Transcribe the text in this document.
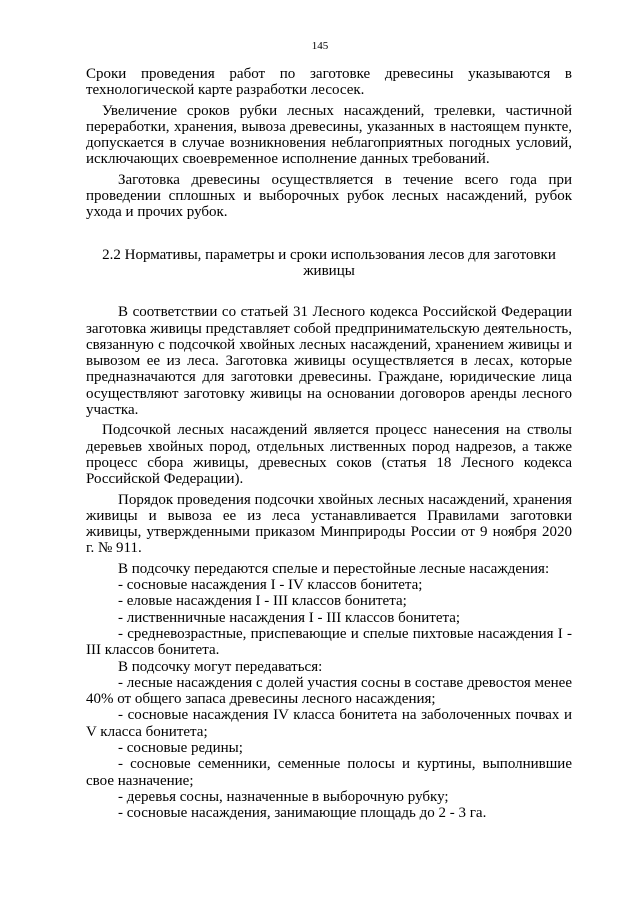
145

Сроки проведения работ по заготовке древесины указываются в технологической карте разработки лесосек.

Увеличение сроков рубки лесных насаждений, трелевки, частичной переработки, хранения, вывоза древесины, указанных в настоящем пункте, допускается в случае возникновения неблагоприятных погодных условий, исключающих своевременное исполнение данных требований.

Заготовка древесины осуществляется в течение всего года при проведении сплошных и выборочных рубок лесных насаждений, рубок ухода и прочих рубок.

2.2 Нормативы, параметры и сроки использования лесов для заготовки живицы

В соответствии со статьей 31 Лесного кодекса Российской Федерации заготовка живицы представляет собой предпринимательскую деятельность, связанную с подсочкой хвойных лесных насаждений, хранением живицы и вывозом ее из леса. Заготовка живицы осуществляется в лесах, которые предназначаются для заготовки древесины. Граждане, юридические лица осуществляют заготовку живицы на основании договоров аренды лесного участка.

Подсочкой лесных насаждений является процесс нанесения на стволы деревьев хвойных пород, отдельных лиственных пород надрезов, а также процесс сбора живицы, древесных соков (статья 18 Лесного кодекса Российской Федерации).

Порядок проведения подсочки хвойных лесных насаждений, хранения живицы и вывоза ее из леса устанавливается Правилами заготовки живицы, утвержденными приказом Минприроды России от 9 ноября 2020 г. № 911.

В подсочку передаются спелые и перестойные лесные насаждения:

- сосновые насаждения I - IV классов бонитета;

- еловые насаждения I - III классов бонитета;

- лиственничные насаждения I - III классов бонитета;

- средневозрастные, приспевающие и спелые пихтовые насаждения I - III классов бонитета.

В подсочку могут передаваться:

- лесные насаждения с долей участия сосны в составе древостоя менее 40% от общего запаса древесины лесного насаждения;

- сосновые насаждения IV класса бонитета на заболоченных почвах и V класса бонитета;

- сосновые редины;

- сосновые семенники, семенные полосы и куртины, выполнившие свое назначение;

- деревья сосны, назначенные в выборочную рубку;

- сосновые насаждения, занимающие площадь до 2 - 3 га.
